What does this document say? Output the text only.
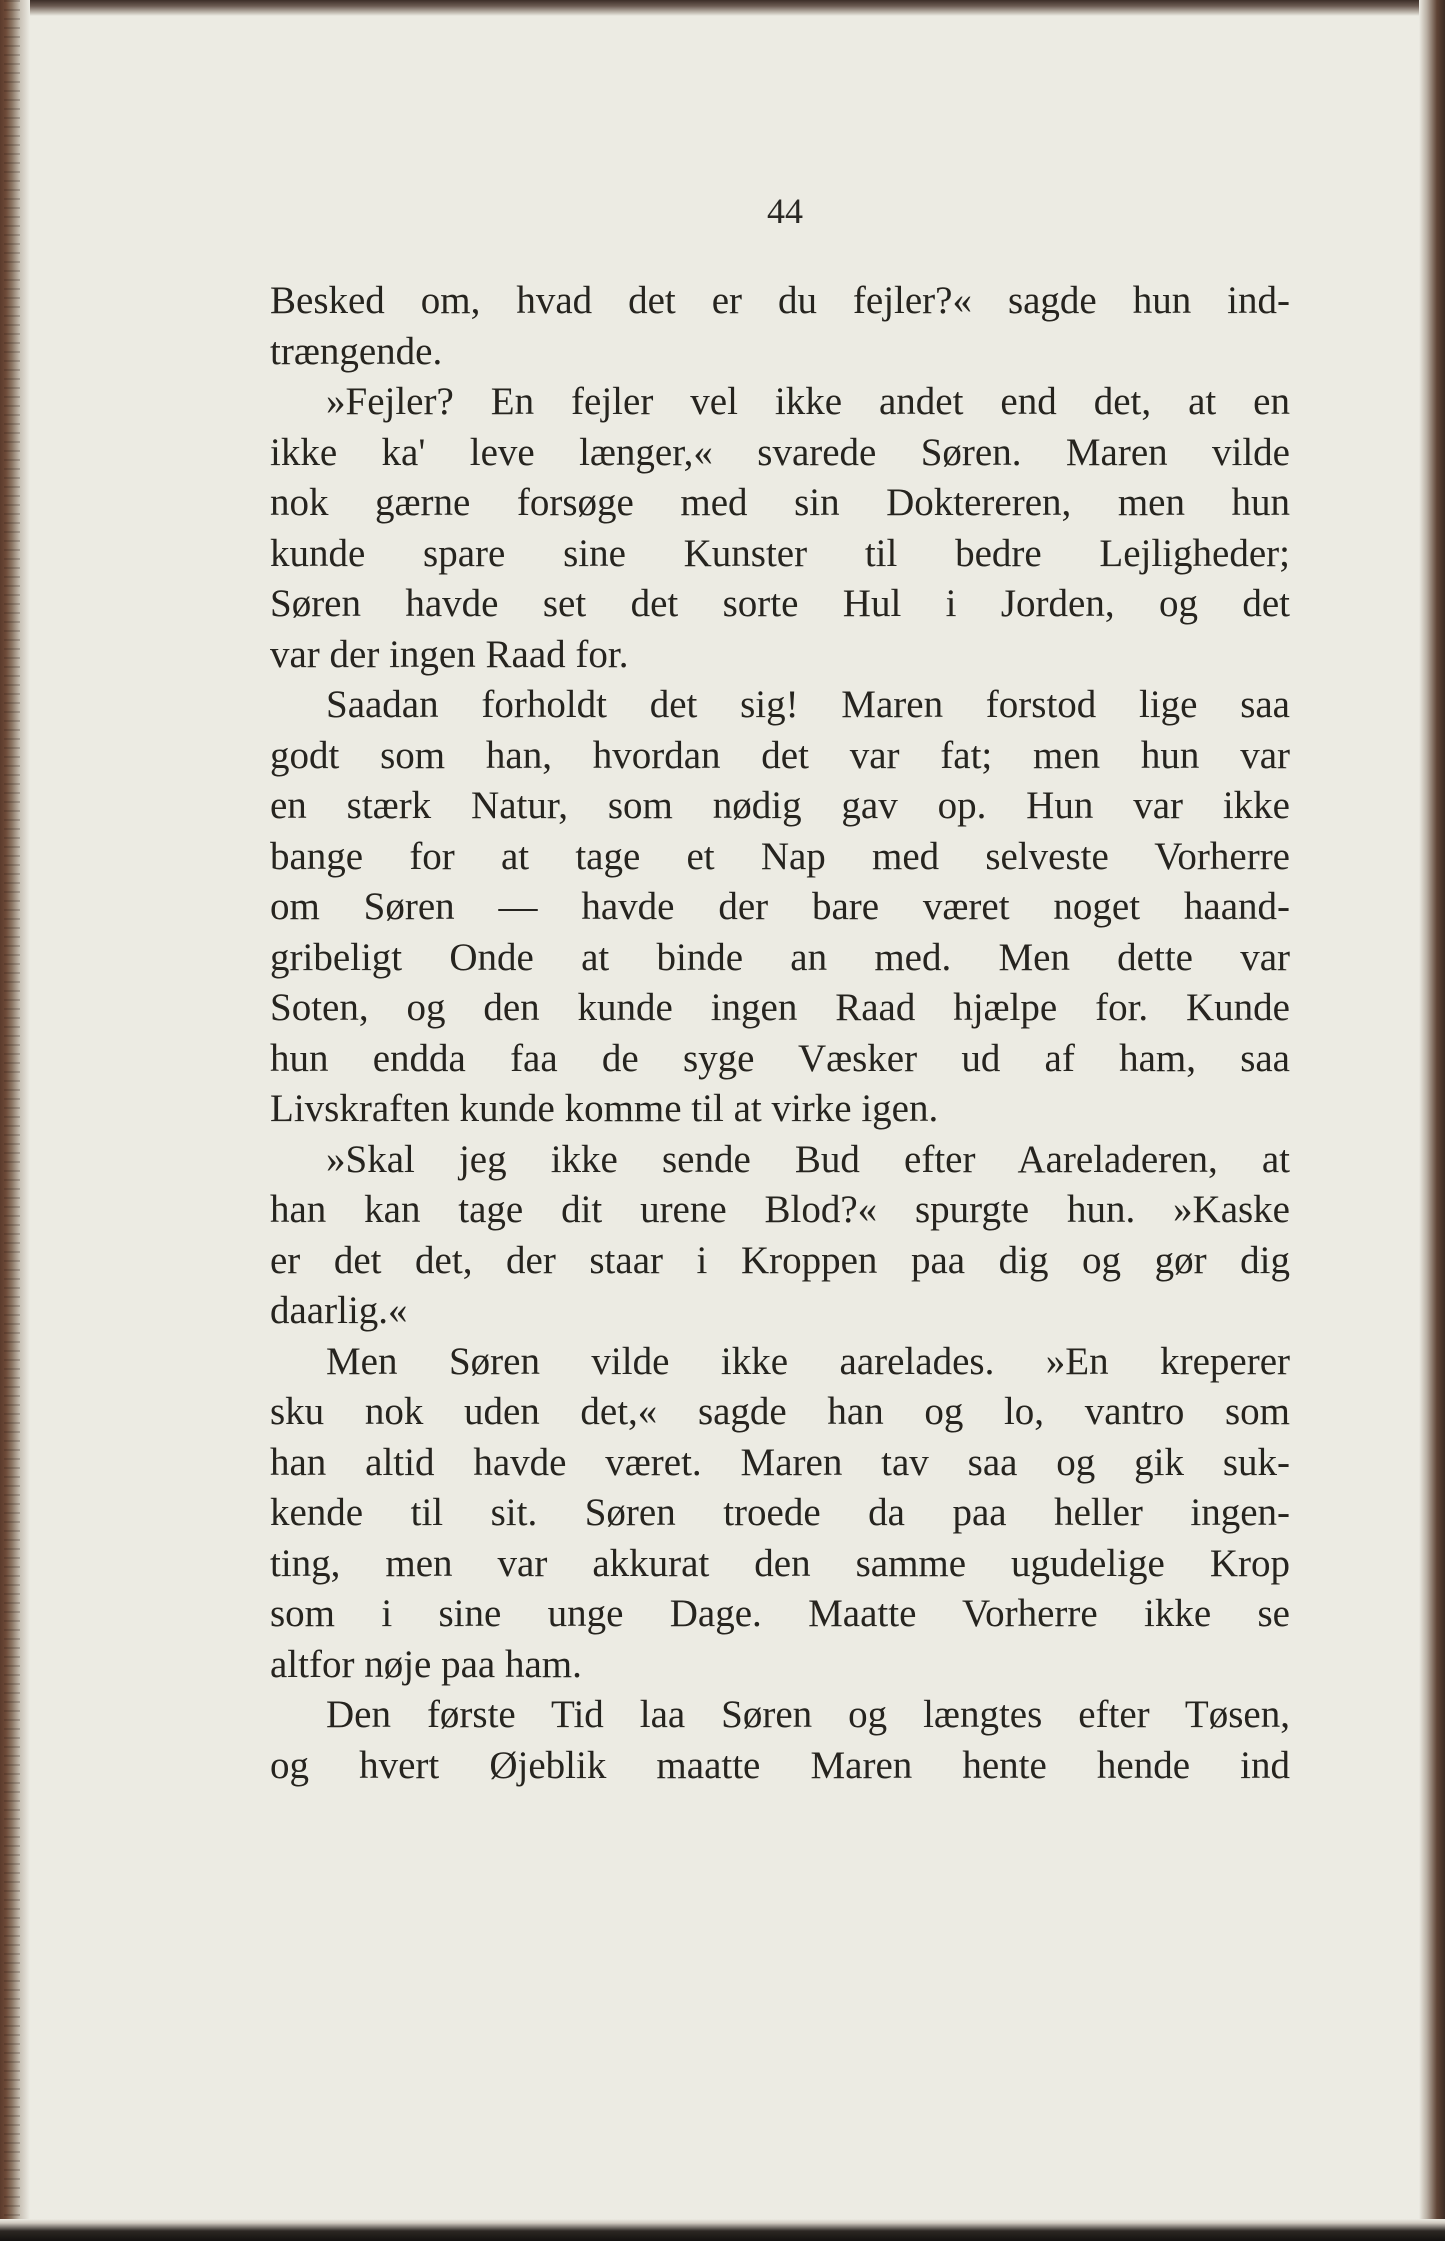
44
Besked om, hvad det er du fejler?« sagde hun ind-
trængende.
»Fejler? En fejler vel ikke andet end det, at en
ikke ka' leve længer,« svarede Søren. Maren vilde
nok gærne forsøge med sin Doktereren, men hun
kunde spare sine Kunster til bedre Lejligheder;
Søren havde set det sorte Hul i Jorden, og det
var der ingen Raad for.
Saadan forholdt det sig! Maren forstod lige saa
godt som han, hvordan det var fat; men hun var
en stærk Natur, som nødig gav op. Hun var ikke
bange for at tage et Nap med selveste Vorherre
om Søren — havde der bare været noget haand-
gribeligt Onde at binde an med. Men dette var
Soten, og den kunde ingen Raad hjælpe for. Kunde
hun endda faa de syge Væsker ud af ham, saa
Livskraften kunde komme til at virke igen.
»Skal jeg ikke sende Bud efter Aareladeren, at
han kan tage dit urene Blod?« spurgte hun. »Kaske
er det det, der staar i Kroppen paa dig og gør dig
daarlig.«
Men Søren vilde ikke aarelades. »En kreperer
sku nok uden det,« sagde han og lo, vantro som
han altid havde været. Maren tav saa og gik suk-
kende til sit. Søren troede da paa heller ingen-
ting, men var akkurat den samme ugudelige Krop
som i sine unge Dage. Maatte Vorherre ikke se
altfor nøje paa ham.
Den første Tid laa Søren og længtes efter Tøsen,
og hvert Øjeblik maatte Maren hente hende ind
